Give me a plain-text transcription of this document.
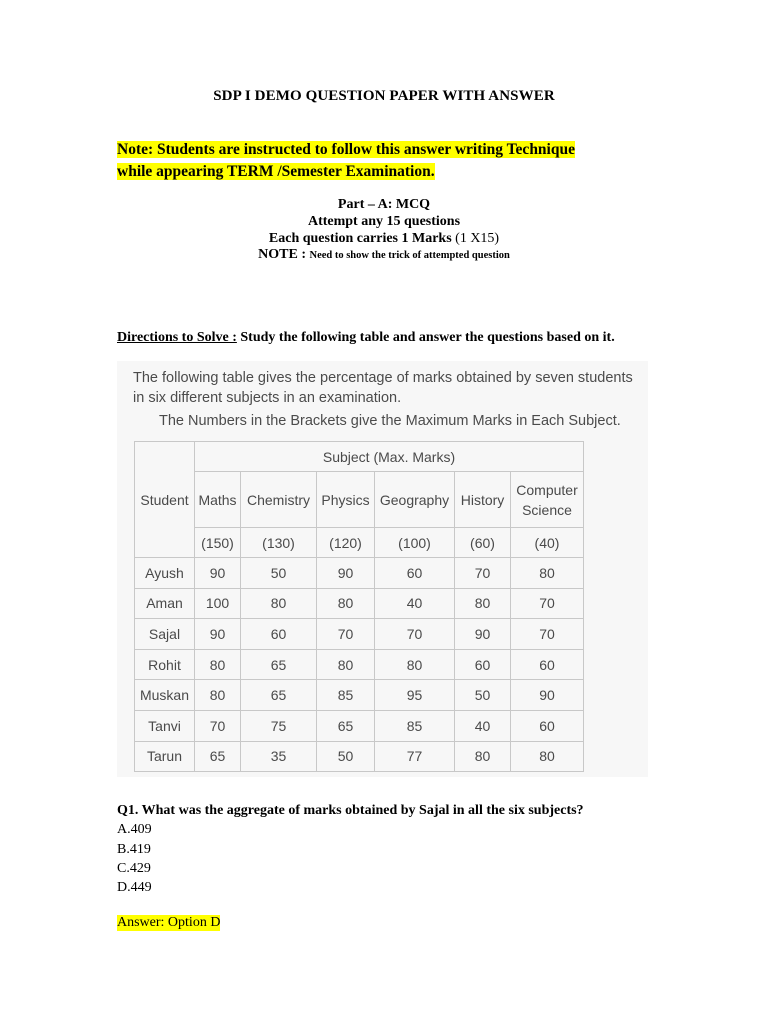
SDP I DEMO QUESTION PAPER WITH ANSWER
Note: Students are instructed to follow this answer writing Technique
while appearing TERM /Semester Examination.
Part – A: MCQ
Attempt any 15 questions
Each question carries 1 Marks (1 X15)
NOTE : Need to show the trick of attempted question
Directions to Solve : Study the following table and answer the questions based on it.
The following table gives the percentage of marks obtained by seven students
in six different subjects in an examination.
The Numbers in the Brackets give the Maximum Marks in Each Subject.
Student	Subject (Max. Marks)					
	Maths	Chemistry	Physics	Geography	History	Computer
Science

	(150)	(130)	(120)	(100)	(60)	(40)
Ayush	90	50	90	60	70	80
Aman	100	80	80	40	80	70
Sajal	90	60	70	70	90	70
Rohit	80	65	80	80	60	60
Muskan	80	65	85	95	50	90
Tanvi	70	75	65	85	40	60
Tarun	65	35	50	77	80	80
Q1. What was the aggregate of marks obtained by Sajal in all the six subjects?
A.409
B.419
C.429
D.449
Answer: Option D
